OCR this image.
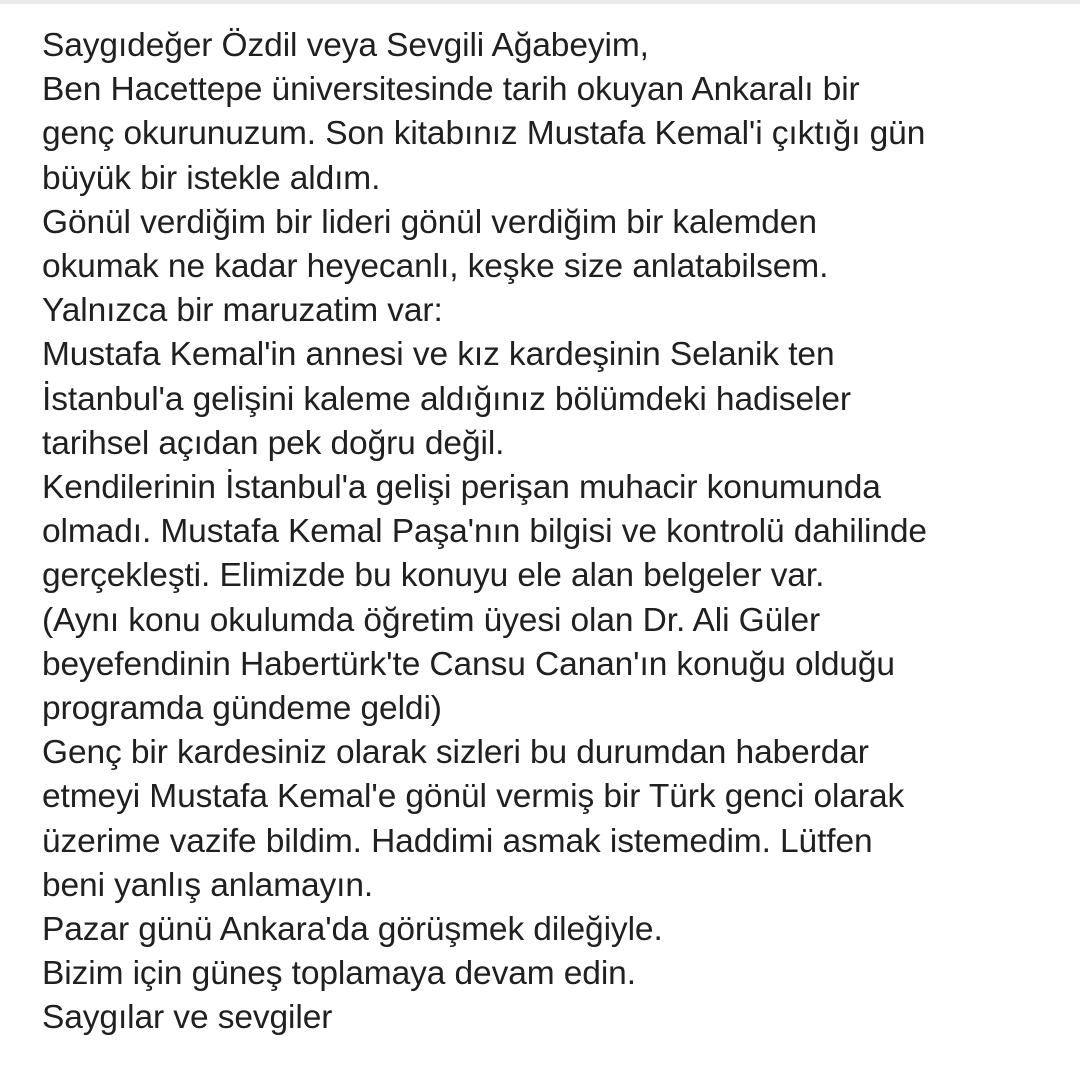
Saygıdeğer Özdil veya Sevgili Ağabeyim,
Ben Hacettepe üniversitesinde tarih okuyan Ankaralı bir
genç okurunuzum. Son kitabınız Mustafa Kemal'i çıktığı gün
büyük bir istekle aldım.
Gönül verdiğim bir lideri gönül verdiğim bir kalemden
okumak ne kadar heyecanlı, keşke size anlatabilsem.
Yalnızca bir maruzatim var:
Mustafa Kemal'in annesi ve kız kardeşinin Selanik ten
İstanbul'a gelişini kaleme aldığınız bölümdeki hadiseler
tarihsel açıdan pek doğru değil.
Kendilerinin İstanbul'a gelişi perişan muhacir konumunda
olmadı. Mustafa Kemal Paşa'nın bilgisi ve kontrolü dahilinde
gerçekleşti. Elimizde bu konuyu ele alan belgeler var.
(Aynı konu okulumda öğretim üyesi olan Dr. Ali Güler
beyefendinin Habertürk'te Cansu Canan'ın konuğu olduğu
programda gündeme geldi)
Genç bir kardesiniz olarak sizleri bu durumdan haberdar
etmeyi Mustafa Kemal'e gönül vermiş bir Türk genci olarak
üzerime vazife bildim. Haddimi asmak istemedim. Lütfen
beni yanlış anlamayın.
Pazar günü Ankara'da görüşmek dileğiyle.
Bizim için güneş toplamaya devam edin.
Saygılar ve sevgiler
